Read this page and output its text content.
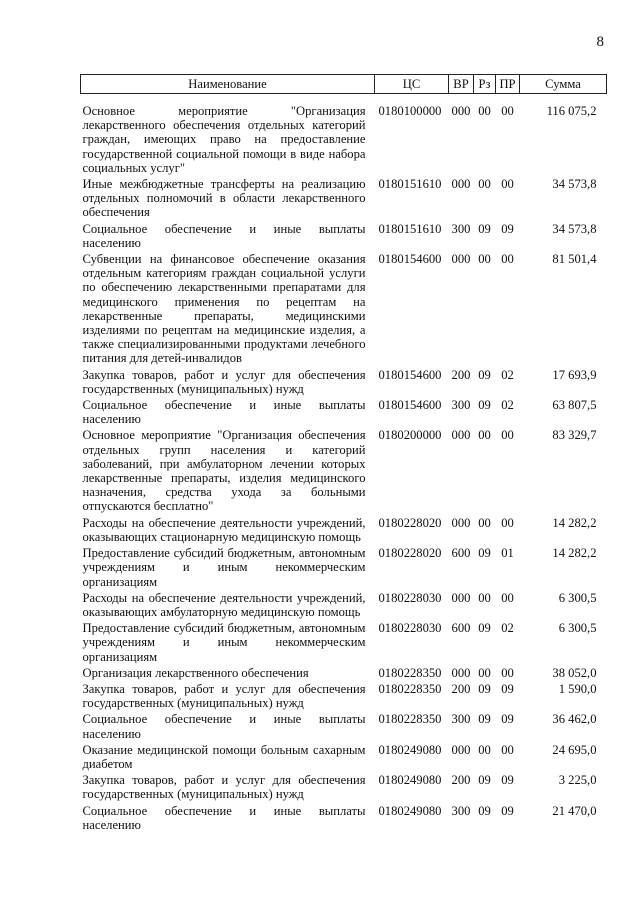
8
Наименование	ЦС	ВР	Рз	ПР	Сумма
Основное мероприятие "Организация лекарственного обеспечения отдельных категорий граждан, имеющих право на предоставление государственной социальной помощи в виде набора социальных услуг"	0180100000	000	00	00	116 075,2
Иные межбюджетные трансферты на реализацию отдельных полномочий в области лекарственного обеспечения	0180151610	000	00	00	34 573,8
Социальное обеспечение и иные выплаты населению	0180151610	300	09	09	34 573,8
Субвенции на финансовое обеспечение оказания отдельным категориям граждан социальной услуги по обеспечению лекарственными препаратами для медицинского применения по рецептам на лекарственные препараты, медицинскими изделиями по рецептам на медицинские изделия, а также специализированными продуктами лечебного питания для детей-инвалидов	0180154600	000	00	00	81 501,4
Закупка товаров, работ и услуг для обеспечения государственных (муниципальных) нужд	0180154600	200	09	02	17 693,9
Социальное обеспечение и иные выплаты населению	0180154600	300	09	02	63 807,5
Основное мероприятие "Организация обеспечения отдельных групп населения и категорий заболеваний, при амбулаторном лечении которых лекарственные препараты, изделия медицинского назначения, средства ухода за больными отпускаются бесплатно"	0180200000	000	00	00	83 329,7
Расходы на обеспечение деятельности учреждений, оказывающих стационарную медицинскую помощь	0180228020	000	00	00	14 282,2
Предоставление субсидий бюджетным, автономным учреждениям и иным некоммерческим организациям	0180228020	600	09	01	14 282,2
Расходы на обеспечение деятельности учреждений, оказывающих амбулаторную медицинскую помощь	0180228030	000	00	00	6 300,5
Предоставление субсидий бюджетным, автономным учреждениям и иным некоммерческим организациям	0180228030	600	09	02	6 300,5
Организация лекарственного обеспечения	0180228350	000	00	00	38 052,0
Закупка товаров, работ и услуг для обеспечения государственных (муниципальных) нужд	0180228350	200	09	09	1 590,0
Социальное обеспечение и иные выплаты населению	0180228350	300	09	09	36 462,0
Оказание медицинской помощи больным сахарным диабетом	0180249080	000	00	00	24 695,0
Закупка товаров, работ и услуг для обеспечения государственных (муниципальных) нужд	0180249080	200	09	09	3 225,0
Социальное обеспечение и иные выплаты населению	0180249080	300	09	09	21 470,0
